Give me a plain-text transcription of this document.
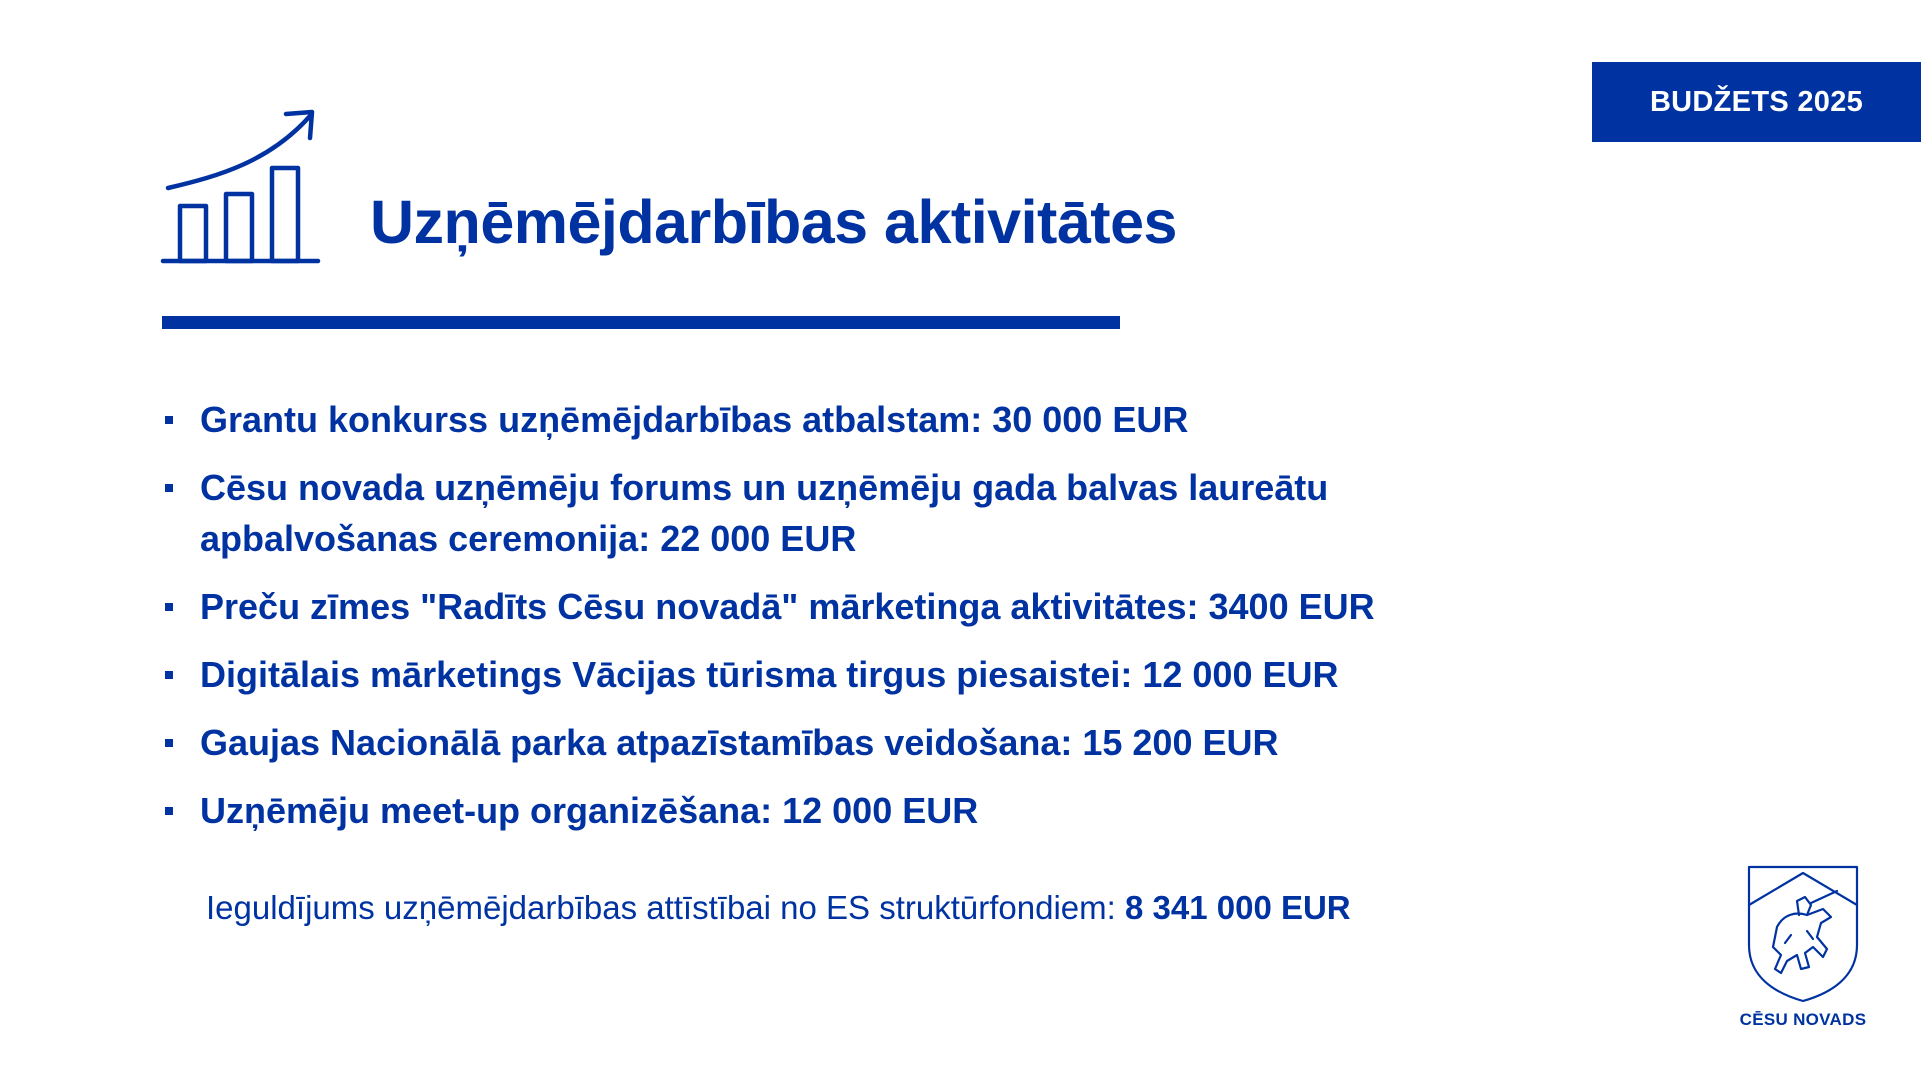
BUDŽETS 2025
Uzņēmējdarbības aktivitātes
Grantu konkurss uzņēmējdarbības atbalstam: 30 000 EUR
Cēsu novada uzņēmēju forums un uzņēmēju gada balvas laureātu apbalvošanas ceremonija: 22 000 EUR
Preču zīmes "Radīts Cēsu novadā" mārketinga aktivitātes: 3400 EUR
Digitālais mārketings Vācijas tūrisma tirgus piesaistei: 12 000 EUR
Gaujas Nacionālā parka atpazīstamības veidošana: 15 200 EUR
Uzņēmēju meet-up organizēšana: 12 000 EUR
Ieguldījums uzņēmējdarbības attīstībai no ES struktūrfondiem: 8 341 000 EUR
CĒSU NOVADS
